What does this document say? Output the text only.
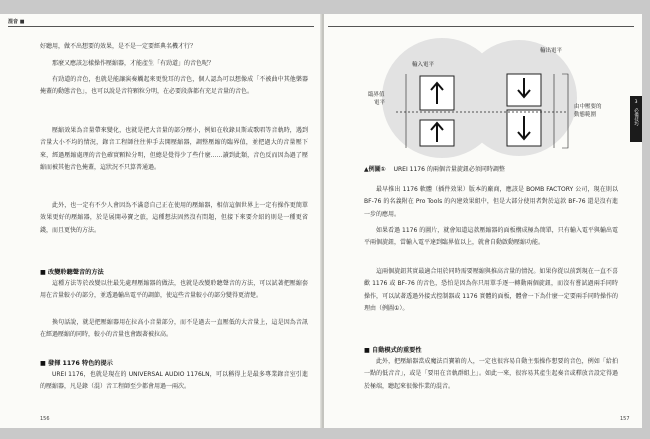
混音 ■
好聽用，做不出想要的效果，是不是一定要經典名機才行？
那麼又應該怎樣操作壓縮器，才能產生「有勁道」的音色呢？
有勁道的音色，也就是能讓演奏觸起來更悅耳的音色，個人認為可以想像成「不被曲中其他樂器掩蓋的動態音色」，也可以說是音符顆粒分明，在必要段落都有充足音量的音色。
壓縮效果為音量帶來變化，也就是把大音量的部分壓小，例如在收錄貝斯或歌唱等音軌時，遇到音量大小不均的情況，錄音工程師往往伸手去開壓縮器，調整壓縮的臨界值，並把過大的音量壓下來，經過壓縮處理的音色確實顆粒分明，但總是覺得少了些什麼……讀到此類，音色反而因為過了壓縮而被其他音色掩蓋，這狀況不只算普通過。
此外，也一定有不少人會因為不滿意自己正在使用的壓縮器，相信這個世界上一定有操作更簡單效果更好的壓縮器，於是展開尋寶之旅，這種想法固然沒有問題，但接下來要介紹的則是一種更省錢，而且更快的方法。
■ 改變聆聽聲音的方法
這種方法等於改變以往最先處理壓縮器的做法，也就是改變聆聽聲音的方法，可以試著把壓縮套用在音量較小的部分，並透過輸出電平的調節，使這些音量較小的部分變得更清楚。
換句話說，就是把壓縮器用在拉高小音量部分，而不是過去一直壓低的大音量上，這是因為音訊在經過壓縮的同時，較小的音量也會跟著被拉高。
■ 發揮 1176 特色的提示
UREI 1176，也就是現在的 UNIVERSAL AUDIO 1176LN，可以稱得上是最多專業錄音室引進的壓縮器，凡是錄（混）音工程師至少都會用過一兩次。
156
輸入電平
輸出電平
臨界值
電平
由中壓要的
動態範圍
▲例圖① UREI 1176 的兩個音量旋鈕必須同時調整
最早推出 1176 軟體（插件效果）版本的廠商，應該是 BOMB FACTORY 公司，現在則以 BF-76 的名義附在 Pro Tools 的內建效果組中，但是大部分使用者對於這款 BF-76 還是沒有進一步的應用。
如果看過 1176 的圖片，就會知道這款壓縮器的面板構成極為簡單，只有輸入電平與輸出電平兩個旋鈕，當輸入電平達到臨界值以上，就會自動啟動壓縮功能。
這兩個旋鈕其實最適合用於同時需要壓縮與推高音量的情況。如果你從以前到現在一直不喜歡 1176 或 BF-76 的音色，恐怕是因為你只用單手逐一轉動兩個旋鈕，而沒有嘗試過兩手同時操作，可以試著透過外接式控制器或 1176 實體的面板，體會一下為什麼一定要兩手同時操作的理由（例圖①）。
■ 自動模式的重要性
此外，把壓縮器當成魔法百寶箱的人，一定也很容易自動主張操作想要的音色，例如「給拍一點的低音音」，或是「要用在音軌群組上」。如此一來，很容易其產生起奏音或釋放音設定得過於極端，聽起來很像作業的混音。
157
3
必備技巧
